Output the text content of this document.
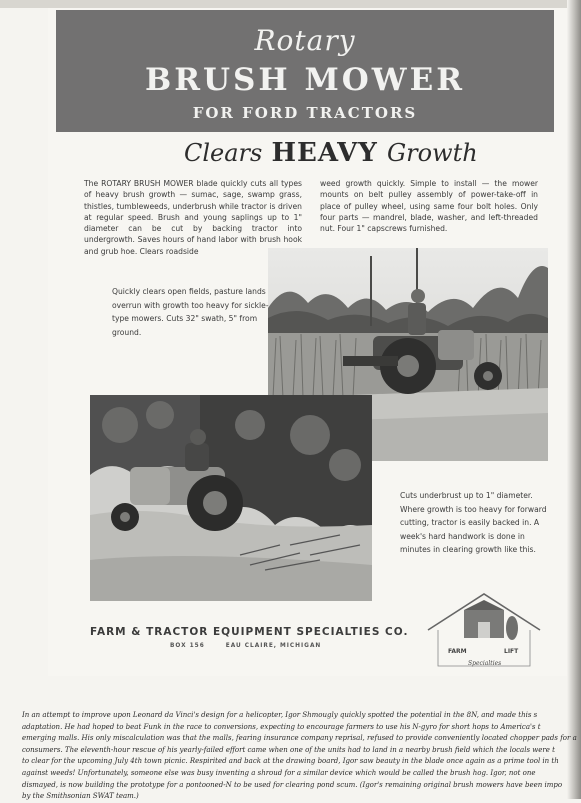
Rotary
BRUSH MOWER
FOR FORD TRACTORS
Clears HEAVY Growth
The ROTARY BRUSH MOWER blade quickly cuts all types of heavy brush growth — sumac, sage, swamp grass, thistles, tumbleweeds, underbrush while tractor is driven at regular speed. Brush and young saplings up to 1" diameter can be cut by backing tractor into undergrowth. Saves hours of hand labor with brush hook and grub hoe. Clears roadside
weed growth quickly. Simple to install — the mower mounts on belt pulley assembly of power-take-off in place of pulley wheel, using same four bolt holes. Only four parts — mandrel, blade, washer, and left-threaded nut. Four 1" capscrews furnished.
Quickly clears open fields, pasture lands overrun with growth too heavy for sickle-type mowers. Cuts 32" swath, 5" from ground.
Cuts underbrust up to 1" diameter. Where growth is too heavy for forward cutting, tractor is easily backed in. A week's hard handwork is done in minutes in clearing growth like this.
FARM & TRACTOR EQUIPMENT SPECIALTIES CO.
BOX 156	EAU CLAIRE, MICHIGAN
FARM	LIFT
Specialties
In an attempt to improve upon Leonard da Vinci's design for a helicopter, Igor Shmougly quickly spotted the potential in the 8N, and made this s
adaptation. He had hoped to beat Funk in the race to conversions, expecting to encourage farmers to use his N-gyro for short hops to America's t
emerging malls. His only miscalculation was that the malls, fearing insurance company reprisal, refused to provide conveniently located chopper pads for a
consumers. The eleventh-hour rescue of his yearly-failed effort came when one of the units had to land in a nearby brush field which the locals were t
to clear for the upcoming July 4th town picnic. Respirited and back at the drawing board, Igor saw beauty in the blade once again as a prime tool in th
against weeds! Unfortunately, someone else was busy inventing a shroud for a similar device which would be called the brush hog. Igor, not one
dismayed, is now building the prototype for a pontooned-N to be used for clearing pond scum. (Igor's remaining original brush mowers have been impo
by the Smithsonian SWAT team.)
